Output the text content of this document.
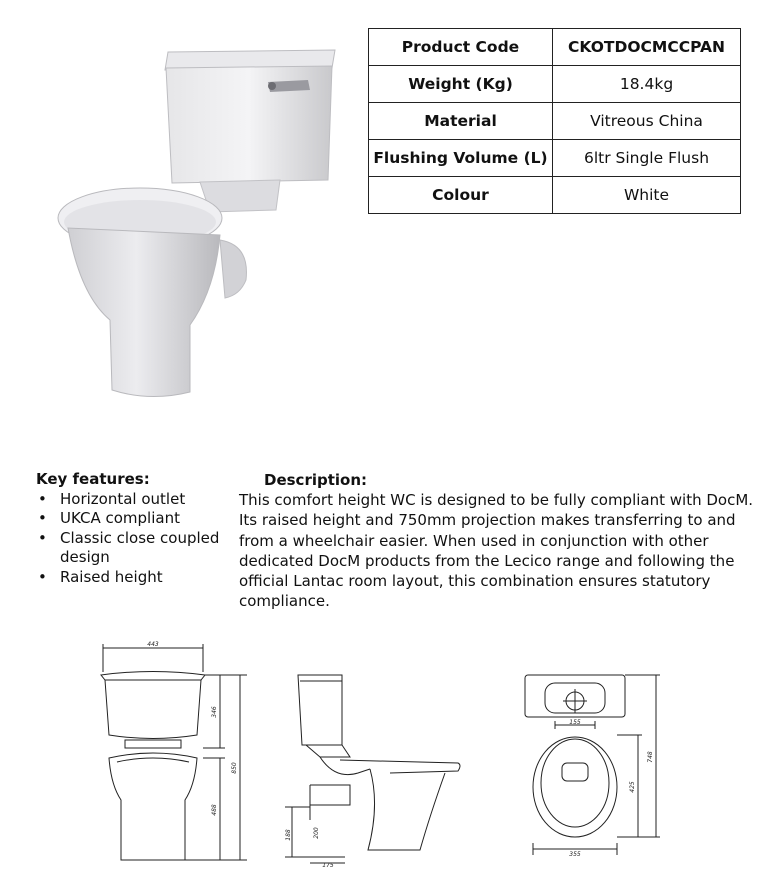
Product Code	CKOTDOCMCCPAN
Weight (Kg)	18.4kg
Material	Vitreous China
Flushing Volume (L)	6ltr Single Flush
Colour	White
Key features:
• Horizontal outlet
• UKCA compliant
• Classic close coupled design
• Raised height
Description:
This comfort height WC is designed to be fully compliant with DocM. Its raised height and 750mm projection makes transferring to and from a wheelchair easier. When used in conjunction with other dedicated DocM products from the Lecico range and following the official Lantac room layout, this combination ensures statutory compliance.
443
346
850
488
200
188
175
155
748
425
355
